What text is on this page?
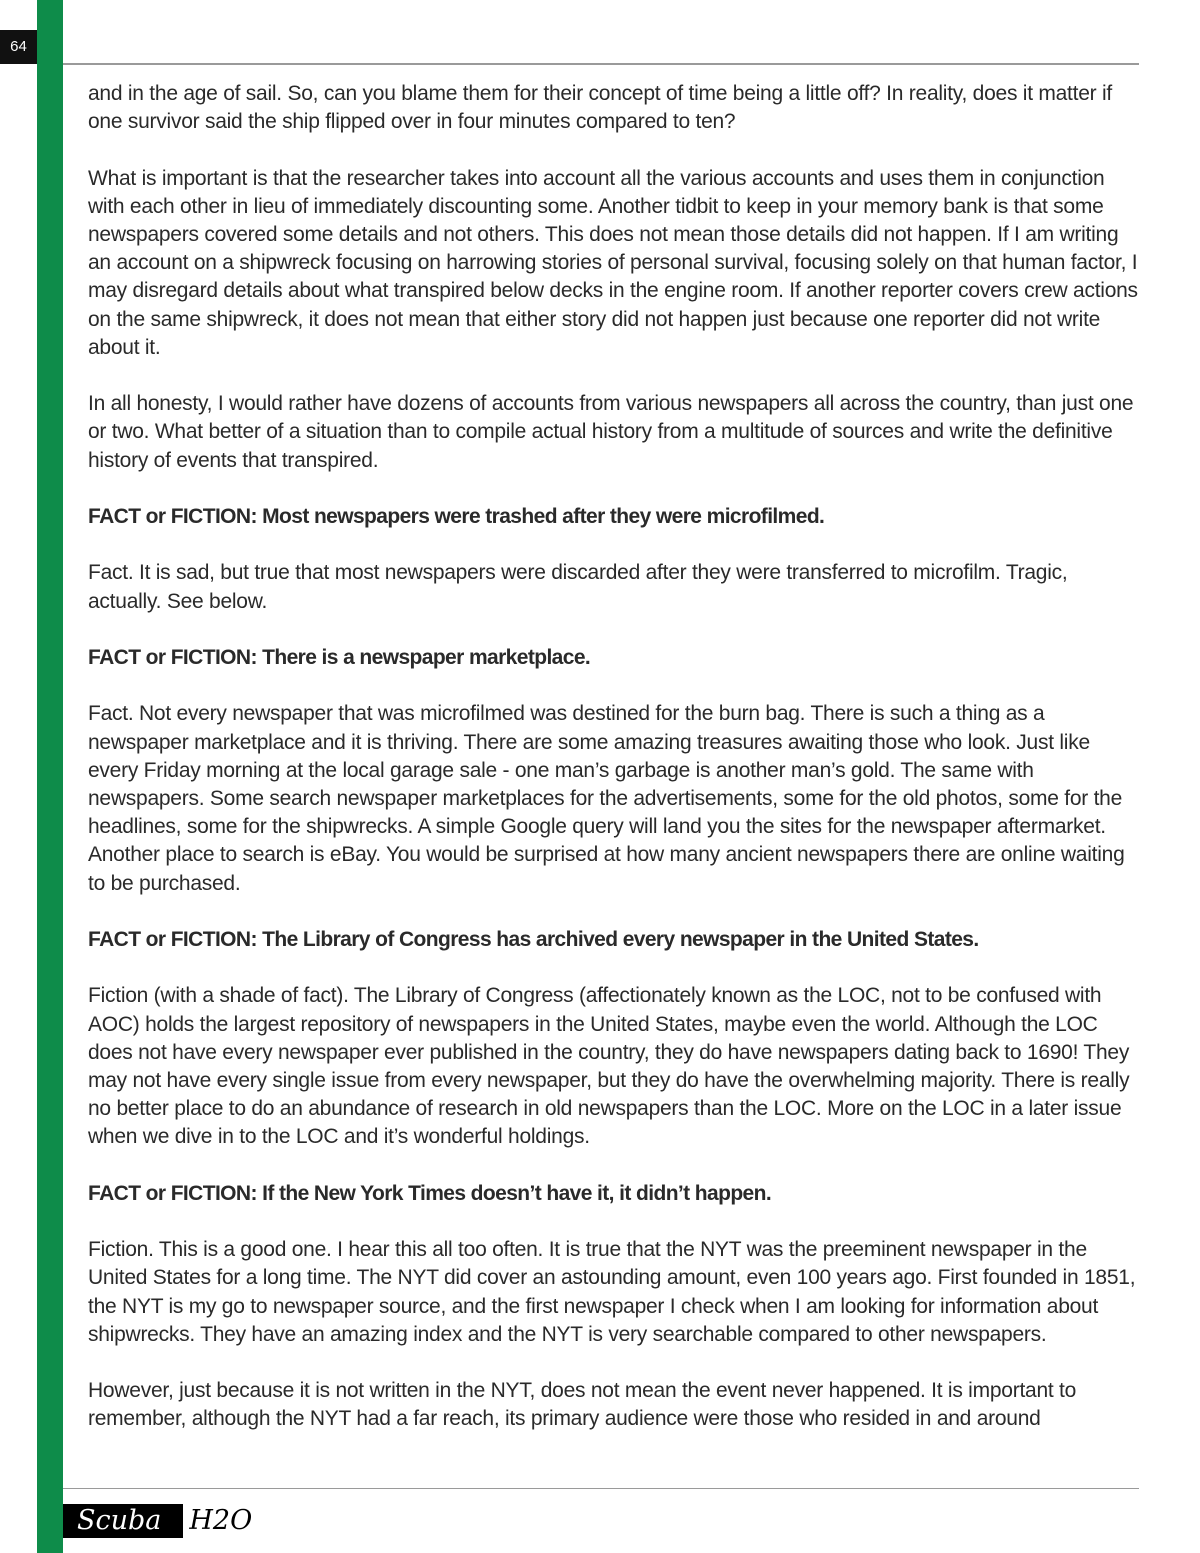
64

and in the age of sail. So, can you blame them for their concept of time being a little off? In reality, does it matter if one survivor said the ship flipped over in four minutes compared to ten?

What is important is that the researcher takes into account all the various accounts and uses them in conjunction with each other in lieu of immediately discounting some. Another tidbit to keep in your memory bank is that some newspapers covered some details and not others. This does not mean those details did not happen. If I am writing an account on a shipwreck focusing on harrowing stories of personal survival, focusing solely on that human factor, I may disregard details about what transpired below decks in the engine room. If another reporter covers crew actions on the same shipwreck, it does not mean that either story did not happen just because one reporter did not write about it.

In all honesty, I would rather have dozens of accounts from various newspapers all across the country, than just one or two. What better of a situation than to compile actual history from a multitude of sources and write the definitive history of events that transpired.

FACT or FICTION: Most newspapers were trashed after they were microfilmed.

Fact. It is sad, but true that most newspapers were discarded after they were transferred to microfilm. Tragic, actually. See below.

FACT or FICTION: There is a newspaper marketplace.

Fact. Not every newspaper that was microfilmed was destined for the burn bag. There is such a thing as a newspaper marketplace and it is thriving. There are some amazing treasures awaiting those who look. Just like every Friday morning at the local garage sale - one man’s garbage is another man’s gold. The same with newspapers. Some search newspaper marketplaces for the advertisements, some for the old photos, some for the headlines, some for the shipwrecks. A simple Google query will land you the sites for the newspaper aftermarket. Another place to search is eBay. You would be surprised at how many ancient newspapers there are online waiting to be purchased.

FACT or FICTION: The Library of Congress has archived every newspaper in the United States.

Fiction (with a shade of fact). The Library of Congress (affectionately known as the LOC, not to be confused with AOC) holds the largest repository of newspapers in the United States, maybe even the world. Although the LOC does not have every newspaper ever published in the country, they do have newspapers dating back to 1690! They may not have every single issue from every newspaper, but they do have the overwhelming majority. There is really no better place to do an abundance of research in old newspapers than the LOC. More on the LOC in a later issue when we dive in to the LOC and it’s wonderful holdings.

FACT or FICTION: If the New York Times doesn’t have it, it didn’t happen.

Fiction. This is a good one. I hear this all too often. It is true that the NYT was the preeminent newspaper in the United States for a long time. The NYT did cover an astounding amount, even 100 years ago. First founded in 1851, the NYT is my go to newspaper source, and the first newspaper I check when I am looking for information about shipwrecks. They have an amazing index and the NYT is very searchable compared to other newspapers.

However, just because it is not written in the NYT, does not mean the event never happened. It is important to remember, although the NYT had a far reach, its primary audience were those who resided in and around

Scuba	H2O
